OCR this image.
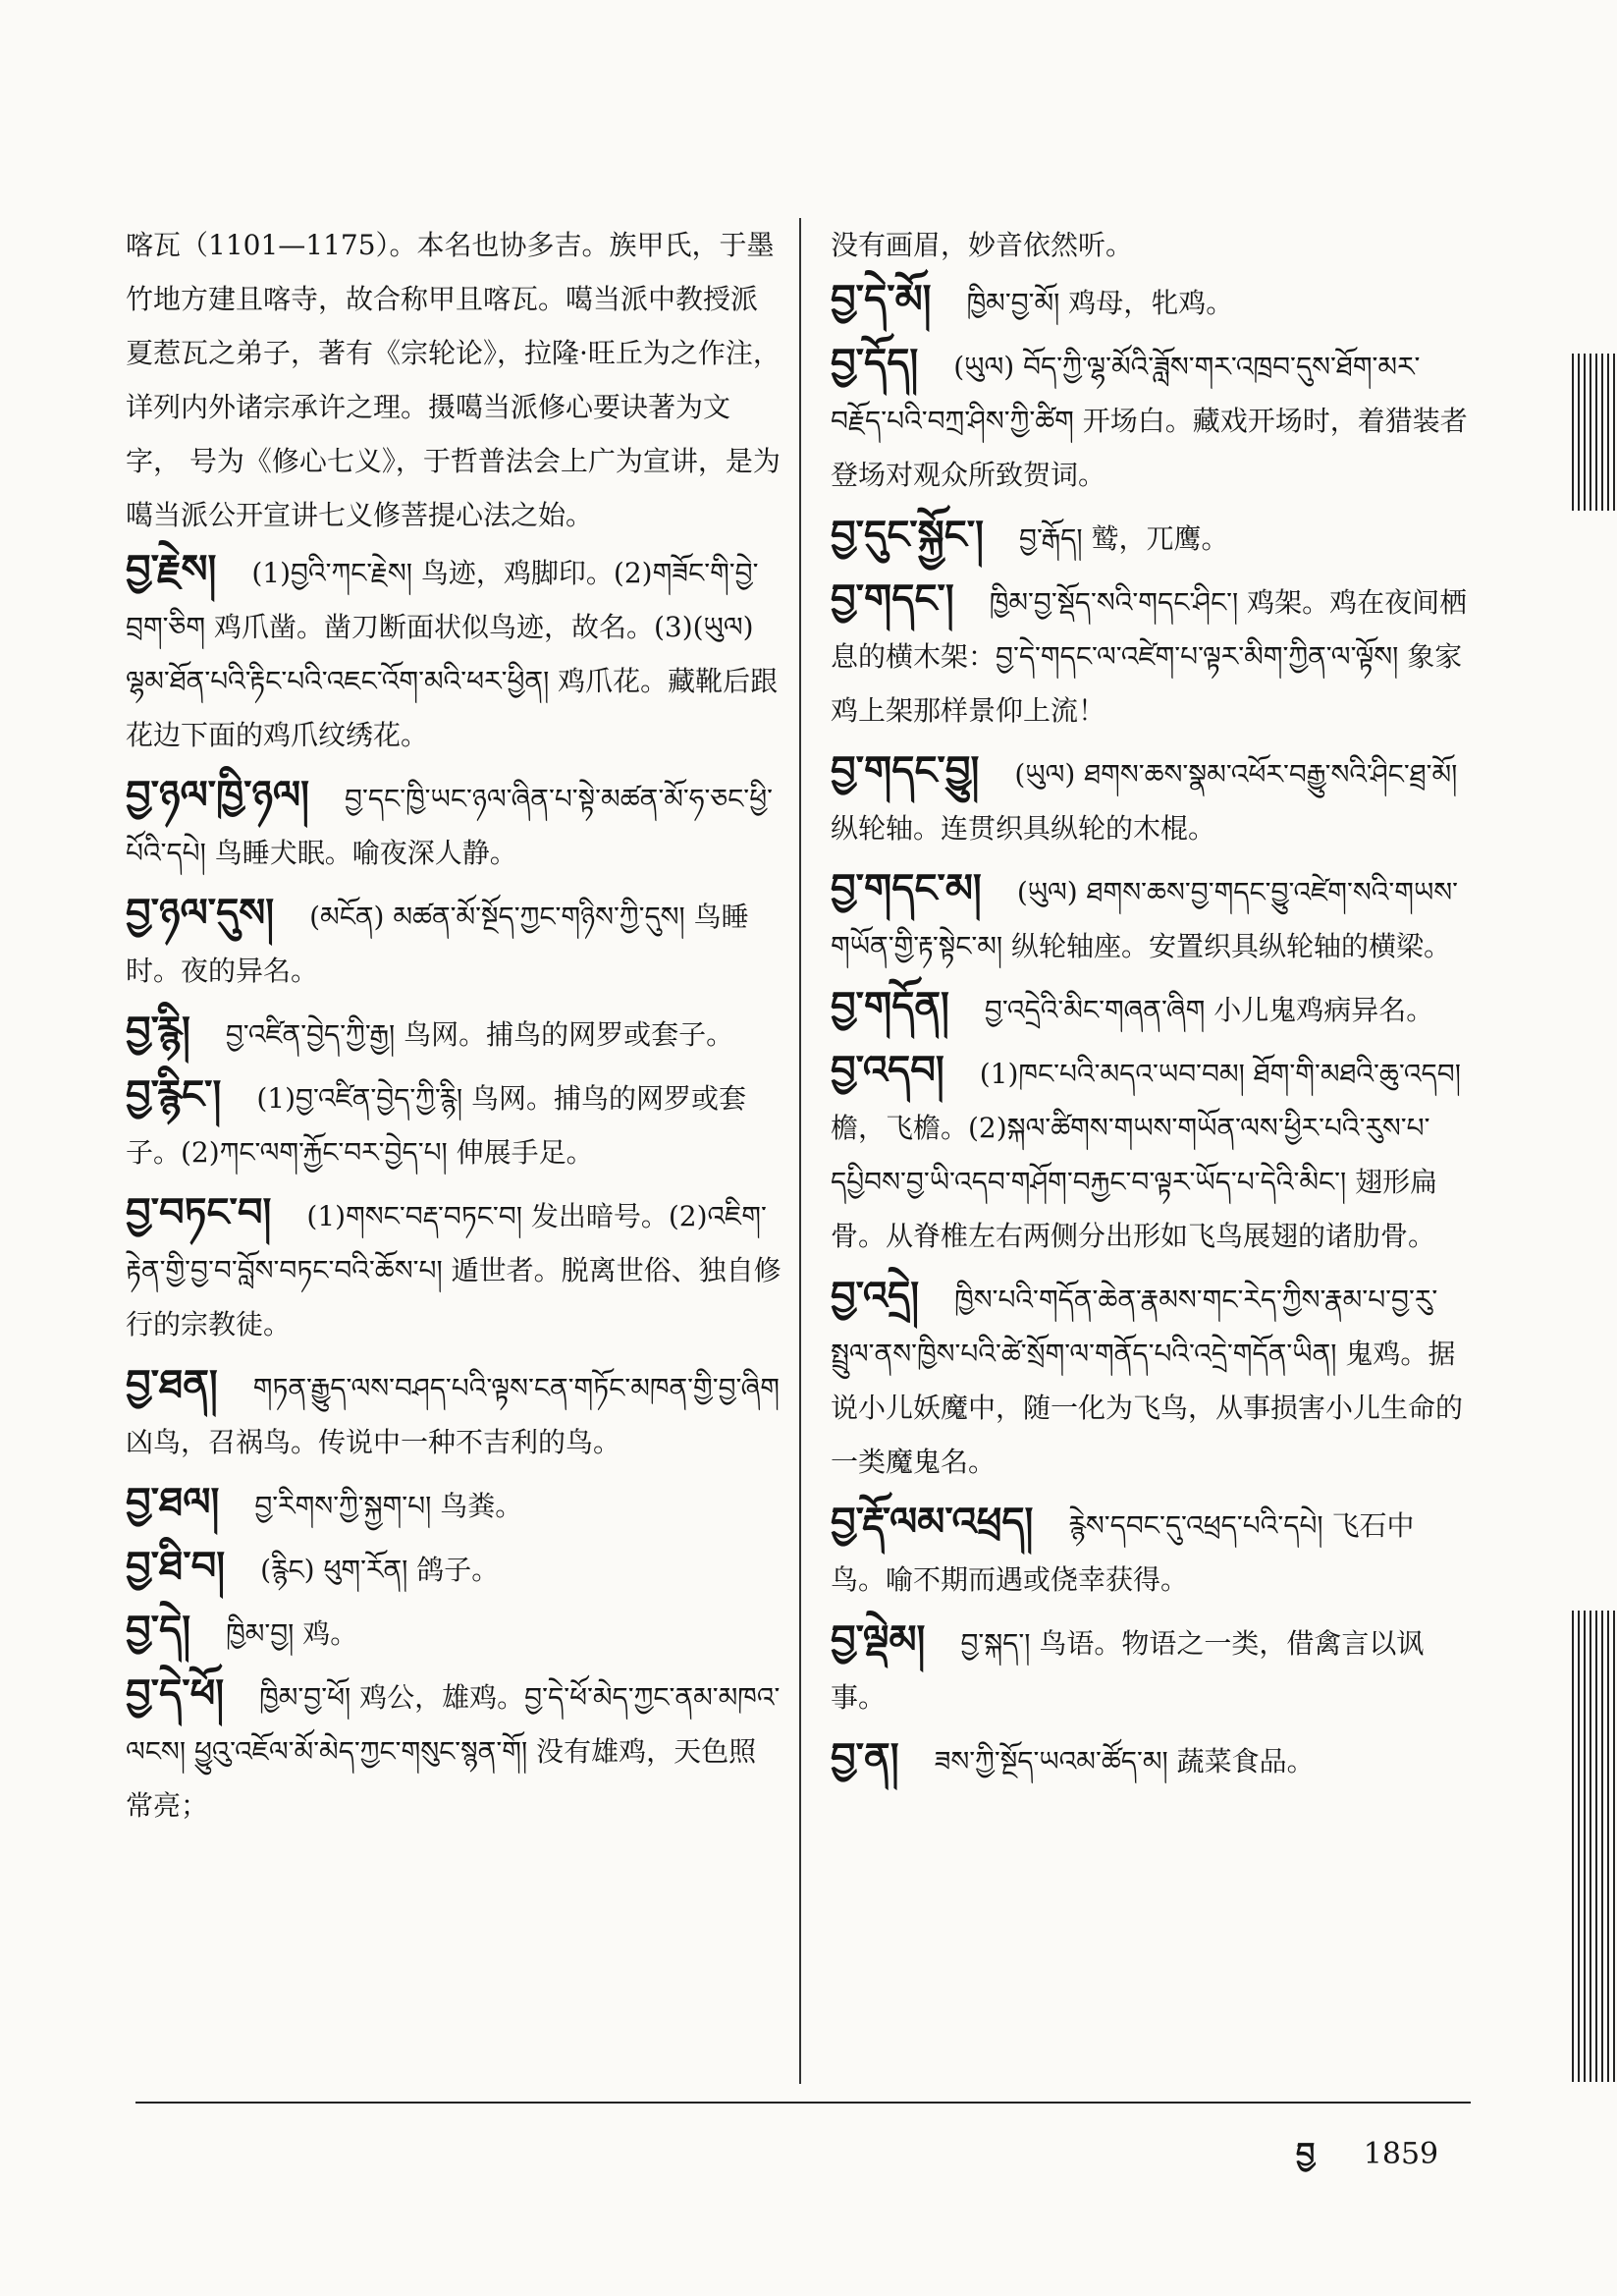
喀瓦（1101—1175）。本名也协多吉。族甲氏，于墨竹地方建且喀寺，故合称甲且喀瓦。噶当派中教授派夏惹瓦之弟子，著有《宗轮论》，拉隆·旺丘为之作注，详列内外诸宗承许之理。摄噶当派修心要诀著为文字， 号为《修心七义》，于哲普法会上广为宣讲，是为噶当派公开宣讲七义修菩提心法之始。
བྱ་རྗེས། (1)བྱའི་ཀང་རྗེས། 鸟迹，鸡脚印。(2)གཟོང་གི་བྱེ་བྲག་ཅིག 鸡爪凿。凿刀断面状似鸟迹，故名。(3)(ཡུལ) ལྷམ་ཐོན་པའི་རྟིང་པའི་འཇང་འོག་མའི་ཕར་ཕྱིན། 鸡爪花。藏靴后跟花边下面的鸡爪纹绣花。
བྱ་ཉལ་ཁྱི་ཉལ། བྱ་དང་ཁྱི་ཡང་ཉལ་ཞིན་པ་སྟེ་མཚན་མོ་ཧ་ཅང་ཕྱི་པོའི་དཔེ། 鸟睡犬眠。喻夜深人静。
བྱ་ཉལ་དུས། (མངོན) མཚན་མོ་སྔོད་ཀྱང་གཉིས་ཀྱི་དུས། 鸟睡时。夜的异名。
བྱ་རྙི། བྱ་འཛིན་བྱེད་ཀྱི་རྒྱ། 鸟网。捕鸟的网罗或套子。
བྱ་རྙིང་། (1)བྱ་འཛིན་བྱེད་ཀྱི་རྙི། 鸟网。捕鸟的网罗或套子。(2)ཀང་ལག་རྐྱོང་བར་བྱེད་པ། 伸展手足。
བྱ་བཏང་བ། (1)གསང་བརྡ་བཏང་བ། 发出暗号。(2)འཇིག་རྟེན་གྱི་བྱ་བ་བློས་བཏང་བའི་ཆོས་པ། 遁世者。脱离世俗、独自修行的宗教徒。
བྱ་ཐན། གཏན་རྒྱུད་ལས་བཤད་པའི་ལྟས་ངན་གཏོང་མཁན་གྱི་བྱ་ཞིག 凶鸟，召祸鸟。传说中一种不吉利的鸟。
བྱ་ཐལ། བྱ་རིགས་ཀྱི་སྐྱག་པ། 鸟粪。
བྱ་ཐི་བ། (རྙིང) ཕུག་རོན། 鸽子。
བྱ་དེ། ཁྱིམ་བྱ། 鸡。
བྱ་དེ་ཕོ། ཁྱིམ་བྱ་ཕོ། 鸡公，雄鸡。བྱ་དེ་ཕོ་མེད་ཀྱང་ནམ་མཁའ་ལངས། ཕྱུའུ་འཇོལ་མོ་མེད་ཀྱང་གསུང་སྙན་གོ། 没有雄鸡，天色照常亮；
没有画眉，妙音依然听。
བྱ་དེ་མོ། ཁྱིམ་བྱ་མོ། 鸡母，牝鸡。
བྱ་དོད། (ཡུལ) བོད་ཀྱི་ལྷ་མོའི་ཟློས་གར་འཁྲབ་དུས་ཐོག་མར་བརྗོད་པའི་བཀྲ་ཤིས་ཀྱི་ཚིག 开场白。藏戏开场时，着猎装者登场对观众所致贺词。
བྱ་དུང་སྐྱོང་། བྱ་རྒོད། 鹫，兀鹰。
བྱ་གདང་། ཁྱིམ་བྱ་སྡོད་སའི་གདང་ཤིང་། 鸡架。鸡在夜间栖息的横木架：བྱ་དེ་གདང་ལ་འཛེག་པ་ལྟར་མིག་ཀྱིན་ལ་ལྟོས། 象家鸡上架那样景仰上流！
བྱ་གདང་བྱུ། (ཡུལ) ཐགས་ཆས་སྣམ་འཕོར་བརྒྱུ་སའི་ཤིང་ཐྲ་མོ། 纵轮轴。连贯织具纵轮的木棍。
བྱ་གདང་མ། (ཡུལ) ཐགས་ཆས་བྱ་གདང་བྱུ་འཛེག་སའི་གཡས་གཡོན་གྱི་རྟ་སྟེང་མ། 纵轮轴座。安置织具纵轮轴的横梁。
བྱ་གདོན། བྱ་འདྲེའི་མིང་གཞན་ཞིག 小儿鬼鸡病异名。
བྱ་འདབ། (1)ཁང་པའི་མདའ་ཡབ་བམ། ཐོག་གི་མཐའི་ཆུ་འདབ། 檐，飞檐。(2)སྐལ་ཚིགས་གཡས་གཡོན་ལས་ཕྱིར་པའི་རུས་པ་དཔྱིབས་བྱ་ཡི་འདབ་གཤོག་བརྐྱང་བ་ལྟར་ཡོད་པ་དེའི་མིང་། 翅形扁骨。从脊椎左右两侧分出形如飞鸟展翅的诸肋骨。
བྱ་འདྲེ། ཁྱིས་པའི་གདོན་ཆེན་རྣམས་གང་རེད་ཀྱིས་རྣམ་པ་བྱ་རུ་སྤྲུལ་ནས་ཁྱིས་པའི་ཚེ་སྲོག་ལ་གནོད་པའི་འདྲེ་གདོན་ཡིན། 鬼鸡。据说小儿妖魔中，随一化为飞鸟，从事损害小儿生命的一类魔鬼名。
བྱ་རྡོ་ལམ་འཕྲད། རྙེས་དབང་དུ་འཕྲད་པའི་དཔེ། 飞石中鸟。喻不期而遇或侥幸获得。
བྱ་ལྡེམ། བྱ་སྐད་། 鸟语。物语之一类，借禽言以讽事。
བྱ་ན། ཟས་ཀྱི་སྔོད་ཡའམ་ཚོད་མ། 蔬菜食品。
བྱ 1859
